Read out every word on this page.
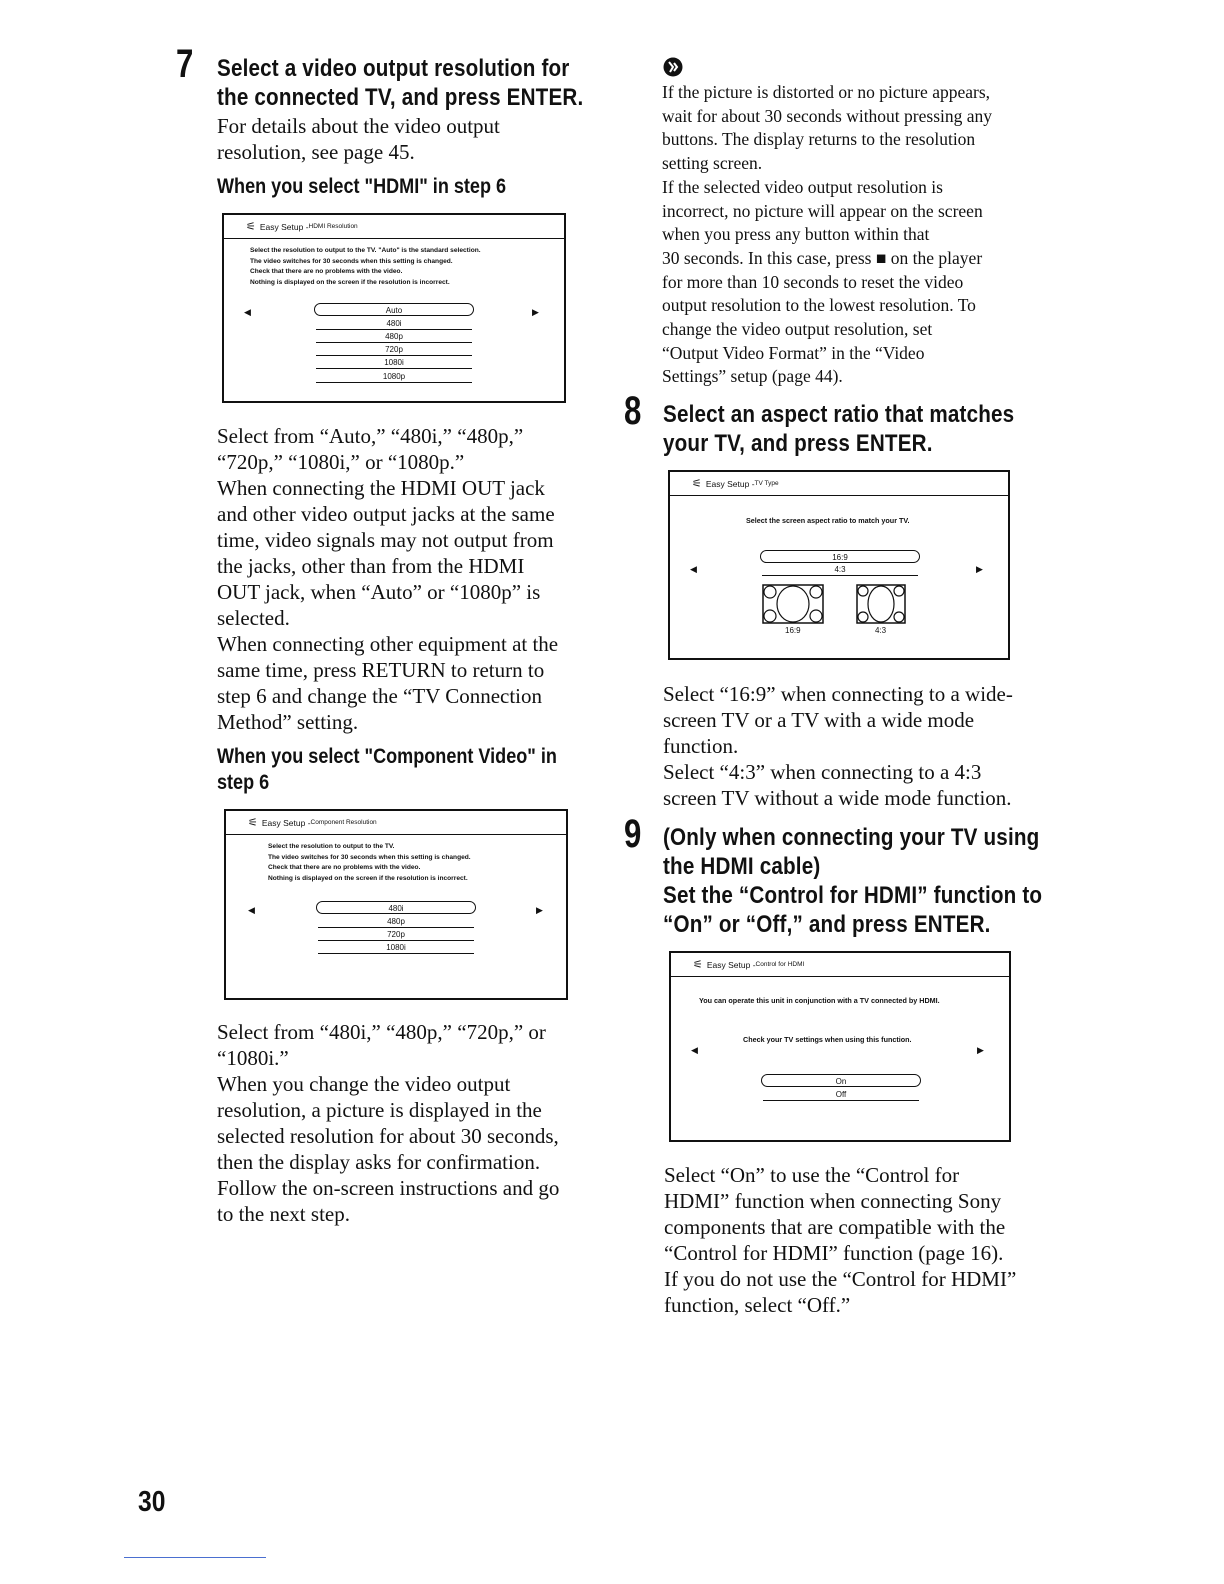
7 Select a video output resolution for
the connected TV, and press ENTER.

For details about the video output

resolution, see page 45.

When you select "HDMI" in step 6
⚟ Easy Setup - HDMI Resolution
Select the resolution to output to the TV. "Auto" is the standard selection.
The video switches for 30 seconds when this setting is changed.
Check that there are no problems with the video.
Nothing is displayed on the screen if the resolution is incorrect.
◀	▶
Auto
480i
480p
720p
1080i
1080p

Select from “Auto,” “480i,” “480p,”

“720p,” “1080i,” or “1080p.”

When connecting the HDMI OUT jack

and other video output jacks at the same

time, video signals may not output from

the jacks, other than from the HDMI

OUT jack, when “Auto” or “1080p” is

selected.

When connecting other equipment at the

same time, press RETURN to return to

step 6 and change the “TV Connection

Method” setting.

When you select "Component Video" in
step 6
⚟ Easy Setup - Component Resolution
Select the resolution to output to the TV.
The video switches for 30 seconds when this setting is changed.
Check that there are no problems with the video.
Nothing is displayed on the screen if the resolution is incorrect.
◀	▶
480i
480p
720p
1080i

Select from “480i,” “480p,” “720p,” or

“1080i.”

When you change the video output

resolution, a picture is displayed in the

selected resolution for about 30 seconds,

then the display asks for confirmation.

Follow the on-screen instructions and go

to the next step.

If the picture is distorted or no picture appears,

wait for about 30 seconds without pressing any

buttons. The display returns to the resolution

setting screen.

If the selected video output resolution is

incorrect, no picture will appear on the screen

when you press any button within that

30 seconds. In this case, press ■ on the player

for more than 10 seconds to reset the video

output resolution to the lowest resolution. To

change the video output resolution, set

“Output Video Format” in the “Video

Settings” setup (page 44).

8 Select an aspect ratio that matches
your TV, and press ENTER.
⚟ Easy Setup - TV Type
Select the screen aspect ratio to match your TV.
◀	▶
16:9
4:3
16:9	4:3

Select “16:9” when connecting to a wide-

screen TV or a TV with a wide mode

function.

Select “4:3” when connecting to a 4:3

screen TV without a wide mode function.

9 (Only when connecting your TV using
the HDMI cable)
Set the “Control for HDMI” function to
“On” or “Off,” and press ENTER.
⚟ Easy Setup - Control for HDMI
You can operate this unit in conjunction with a TV connected by HDMI.
Check your TV settings when using this function.
◀	▶
On
Off

Select “On” to use the “Control for

HDMI” function when connecting Sony

components that are compatible with the

“Control for HDMI” function (page 16).

If you do not use the “Control for HDMI”

function, select “Off.”

30
